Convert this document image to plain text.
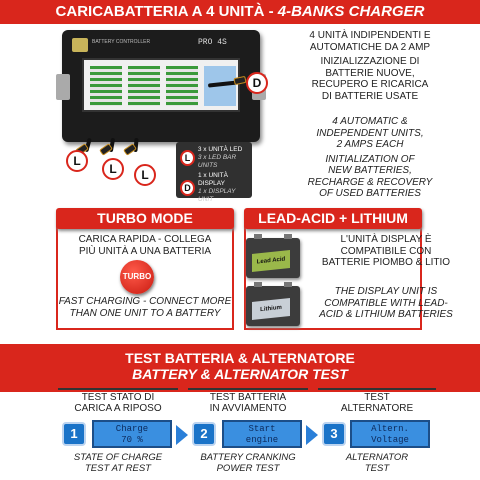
CARICABATTERIA A 4 UNITÀ - 4-BANKS CHARGER
BATTERY CONTROLLER	PRO 4S
L
L	L
D
L
3 x UNITÀ LED
3 x LED BAR UNITS
D
1 x UNITÀ DISPLAY
1 x DISPLAY UNIT
4 UNITÀ INDIPENDENTI E
AUTOMATICHE DA 2 AMP
INIZIALIZZAZIONE DI
BATTERIE NUOVE,
RECUPERO E RICARICA
DI BATTERIE USATE
4 AUTOMATIC &
INDEPENDENT UNITS,
2 AMPS EACH
INITIALIZATION OF
NEW BATTERIES,
RECHARGE & RECOVERY
OF USED BATTERIES
TURBO MODE
CARICA RAPIDA - COLLEGA
PIÙ UNITÀ A UNA BATTERIA
TURBO
FAST CHARGING - CONNECT MORE
THAN ONE UNIT TO A BATTERY
LEAD-ACID + LITHIUM
Lead Acid
Lithium
L'UNITÀ DISPLAY È
COMPATIBILE CON
BATTERIE PIOMBO & LITIO
THE DISPLAY UNIT IS
COMPATIBLE WITH LEAD-
ACID & LITHIUM BATTERIES
TEST BATTERIA & ALTERNATORE
BATTERY & ALTERNATOR TEST
TEST STATO DI
CARICA A RIPOSO
1	Charge
70 %
STATE OF CHARGE
TEST AT REST
TEST BATTERIA
IN AVVIAMENTO
2	Start
engine
BATTERY CRANKING
POWER TEST
TEST
ALTERNATORE
3	Altern.
Voltage
ALTERNATOR
TEST
